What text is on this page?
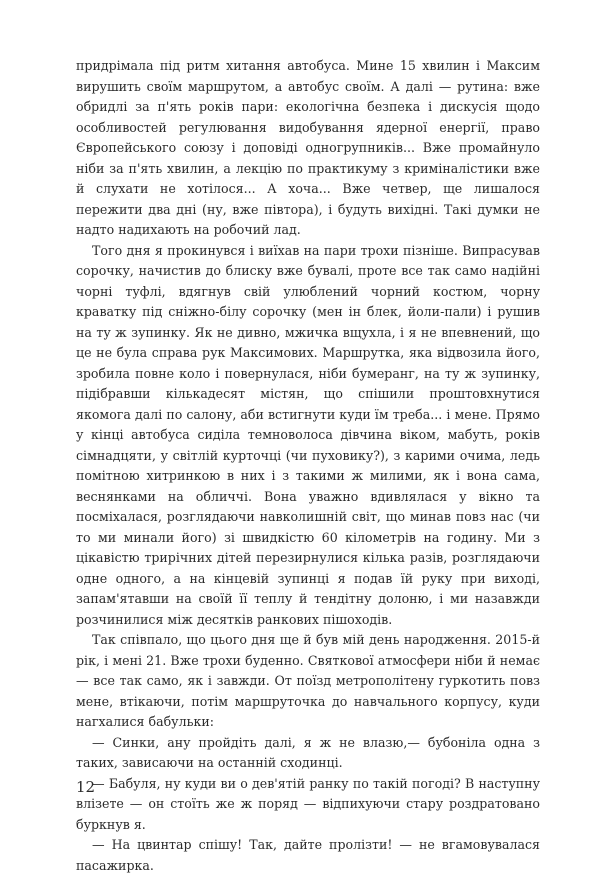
придрімала під ритм хитання автобуса. Мине 15 хвилин і Максим вирушить своїм маршрутом, а автобус своїм. А далі — рутина: вже обридлі за п'ять років пари: екологічна безпека і дискусія щодо особливостей регулювання видобування ядерної енергії, право Європейського союзу і доповіді одногрупників... Вже промайнуло ніби за п'ять хвилин, а лекцію по практикуму з криміналістики вже й слухати не хотілося... А хоча... Вже четвер, ще лишалося пережити два дні (ну, вже півтора), і будуть вихідні. Такі думки не надто надихають на робочий лад.

Того дня я прокинувся і виїхав на пари трохи пізніше. Випрасував сорочку, начистив до блиску вже бувалі, проте все так само надійні чорні туфлі, вдягнув свій улюблений чорний костюм, чорну краватку під сніжно-білу сорочку (мен ін блек, йоли-пали) і рушив на ту ж зупинку. Як не дивно, мжичка вщухла, і я не впевнений, що це не була справа рук Максимових. Маршрутка, яка відвозила його, зробила повне коло і повернулася, ніби бумеранг, на ту ж зупинку, підібравши кількадесят містян, що спішили проштовхнутися якомога далі по салону, аби встигнути куди їм треба... і мене. Прямо у кінці автобуса сиділа темноволоса дівчина віком, мабуть, років сімнадцяти, у світлій курточці (чи пуховику?), з карими очима, ледь помітною хитринкою в них і з такими ж милими, як і вона сама, веснянками на обличчі. Вона уважно вдивлялася у вікно та посміхалася, розглядаючи навколишній світ, що минав повз нас (чи то ми минали його) зі швидкістю 60 кілометрів на годину. Ми з цікавістю трирічних дітей перезирнулися кілька разів, розглядаючи одне одного, а на кінцевій зупинці я подав їй руку при виході, запам'ятавши на своїй її теплу й тендітну долоню, і ми назавжди розчинилися між десятків ранкових пішоходів.

Так співпало, що цього дня ще й був мій день народження. 2015-й рік, і мені 21. Вже трохи буденно. Святкової атмосфери ніби й немає — все так само, як і завжди. От поїзд метрополітену гуркотить повз мене, втікаючи, потім маршруточка до навчального корпусу, куди нагхалися бабульки:

— Синки, ану пройдіть далі, я ж не влазю,— бубоніла одна з таких, зависаючи на останній сходинці.

— Бабуля, ну куди ви о дев'ятій ранку по такій погоді? В наступну влізете — он стоїть же ж поряд — відпихуючи стару роздратовано буркнув я.

— На цвинтар спішу! Так, дайте пролізти! — не вгамовувалася пасажирка.

12
